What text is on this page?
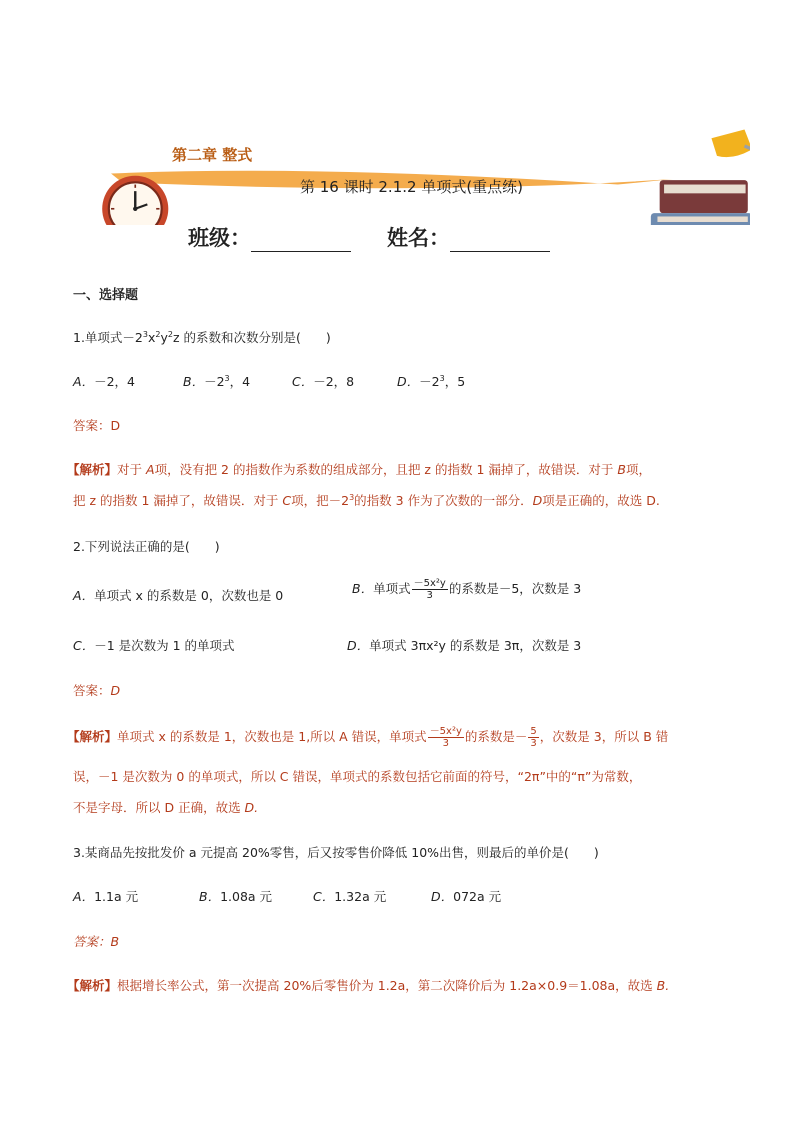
第二章 整式
第 16 课时 2.1.2 单项式(重点练)
班级：	姓名：
一、选择题
1.单项式$-2^3x^2y^2z$ 的系数和次数分别是(　　)
A．－2，4	B．$-2^3$，4	C．－2，8	D．$-2^3$，5
答案：D
【解析】对于 A项，没有把 2 的指数作为系数的组成部分，且把 z 的指数 1 漏掉了，故错误．对于 B项，
把 z 的指数 1 漏掉了，故错误．对于 C项，把$-2^3$的指数 3 作为了次数的一部分．D项是正确的，故选 D.
2.下列说法正确的是(　　)
A．单项式 x 的系数是 0，次数也是 0	B．单项式 $\frac{\text{－5x²y}}{3}$ 的系数是－5，次数是 3
C．－1 是次数为 1 的单项式	D．单项式 3πx²y 的系数是 3π，次数是 3
答案：D
【解析】单项式 x 的系数是 1，次数也是 1,所以 A 错误，单项式 $\frac{\text{－5x²y}}{3}$ 的系数是－ $\frac{5}{3}$ ，次数是 3，所以 B 错
误，－1 是次数为 0 的单项式，所以 C 错误，单项式的系数包括它前面的符号，“2π”中的“π”为常数，
不是字母．所以 D 正确，故选 D.
3.某商品先按批发价 a 元提高 20%零售，后又按零售价降低 10%出售，则最后的单价是(　　)
A．1.1a 元	B．1.08a 元	C．1.32a 元	D．072a 元
答案：B
【解析】根据增长率公式，第一次提高 20%后零售价为 1.2a，第二次降价后为 1.2a×0.9＝1.08a，故选 B.
